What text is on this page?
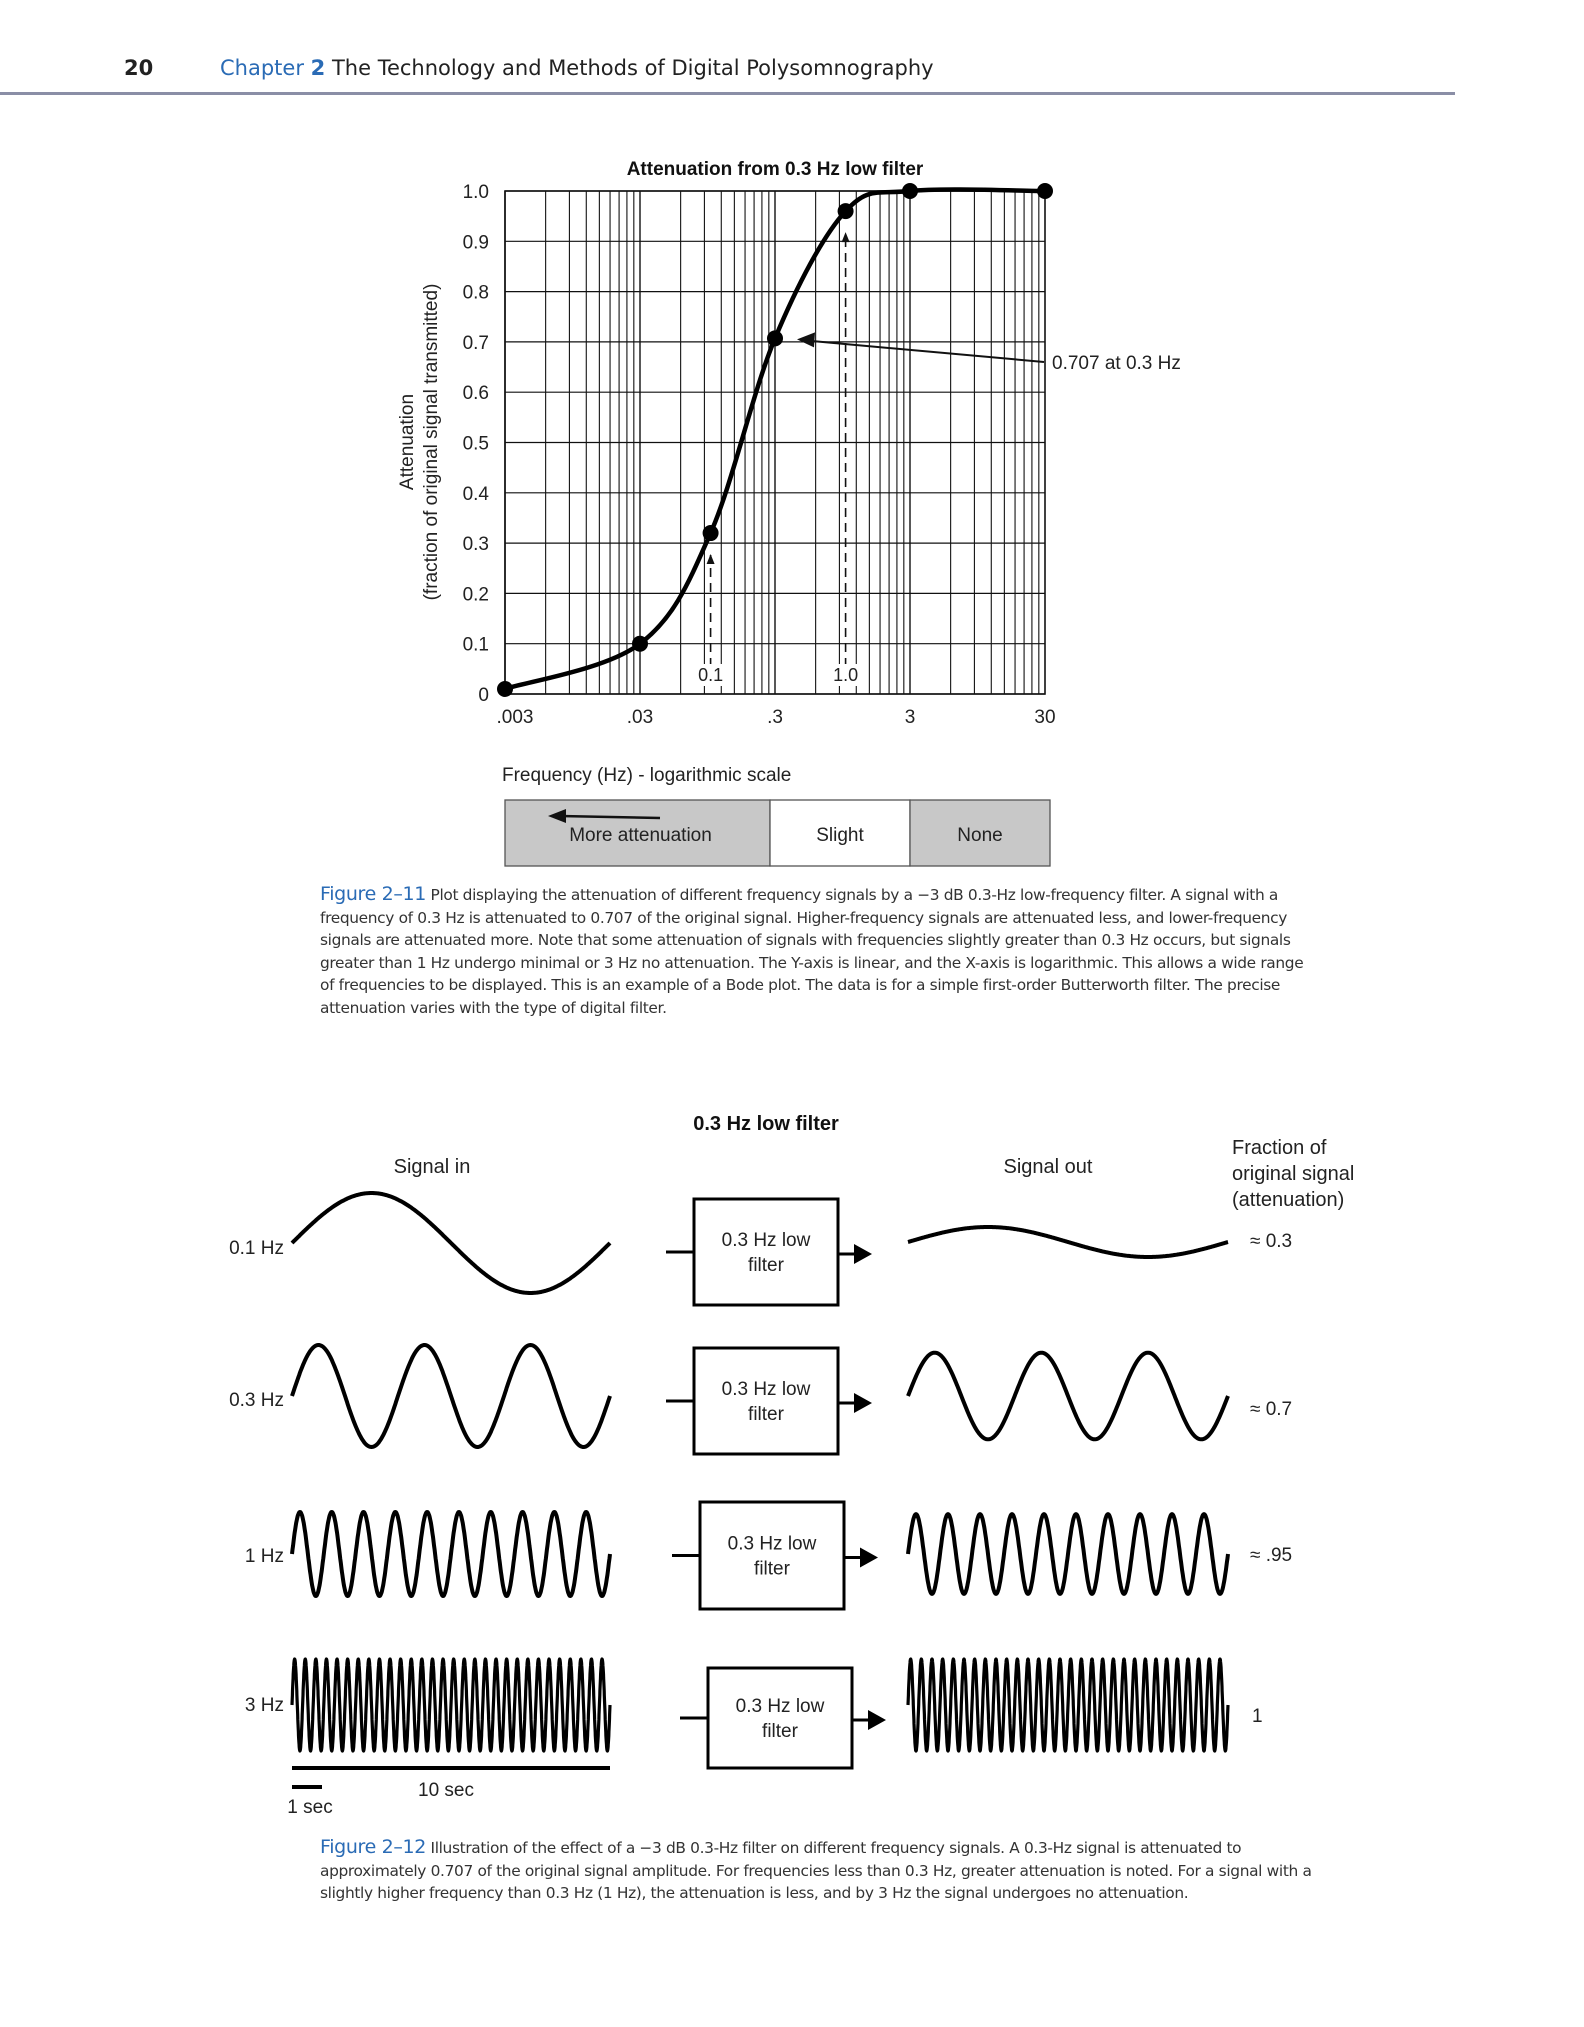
20	Chapter 2 The Technology and Methods of Digital Polysomnography
0
0.1
0.2
0.3
0.4
0.5
0.6
0.7
0.8
0.9
1.0
.003	.03	.3	3	30
Attenuation from 0.3 Hz low filter
Attenuation (fraction of original signal transmitted)
Frequency (Hz) - logarithmic scale
0.1	1.0
0.707 at 0.3 Hz
More attenuation	Slight	None
Figure 2–11 Plot displaying the attenuation of different frequency signals by a −3 dB 0.3-Hz low-frequency filter. A signal with a frequency of 0.3 Hz is attenuated to 0.707 of the original signal. Higher-frequency signals are attenuated less, and lower-frequency signals are attenuated more. Note that some attenuation of signals with frequencies slightly greater than 0.3 Hz occurs, but signals greater than 1 Hz undergo minimal or 3 Hz no attenuation. The Y-axis is linear, and the X-axis is logarithmic. This allows a wide range of frequencies to be displayed. This is an example of a Bode plot. The data is for a simple first-order Butterworth filter. The precise attenuation varies with the type of digital filter.
0.3 Hz low filter
Signal in	Signal out
Fraction of
original signal
(attenuation)
0.1 Hz	0.3 Hz low
filter
≈ 0.3
0.3 Hz
0.3 Hz low
filter	≈ 0.7
1 Hz
0.3 Hz low
filter
≈ .95
3 Hz	0.3 Hz low
filter
1
1 sec
10 sec
Figure 2–12 Illustration of the effect of a −3 dB 0.3-Hz filter on different frequency signals. A 0.3-Hz signal is attenuated to approximately 0.707 of the original signal amplitude. For frequencies less than 0.3 Hz, greater attenuation is noted. For a signal with a slightly higher frequency than 0.3 Hz (1 Hz), the attenuation is less, and by 3 Hz the signal undergoes no attenuation.
